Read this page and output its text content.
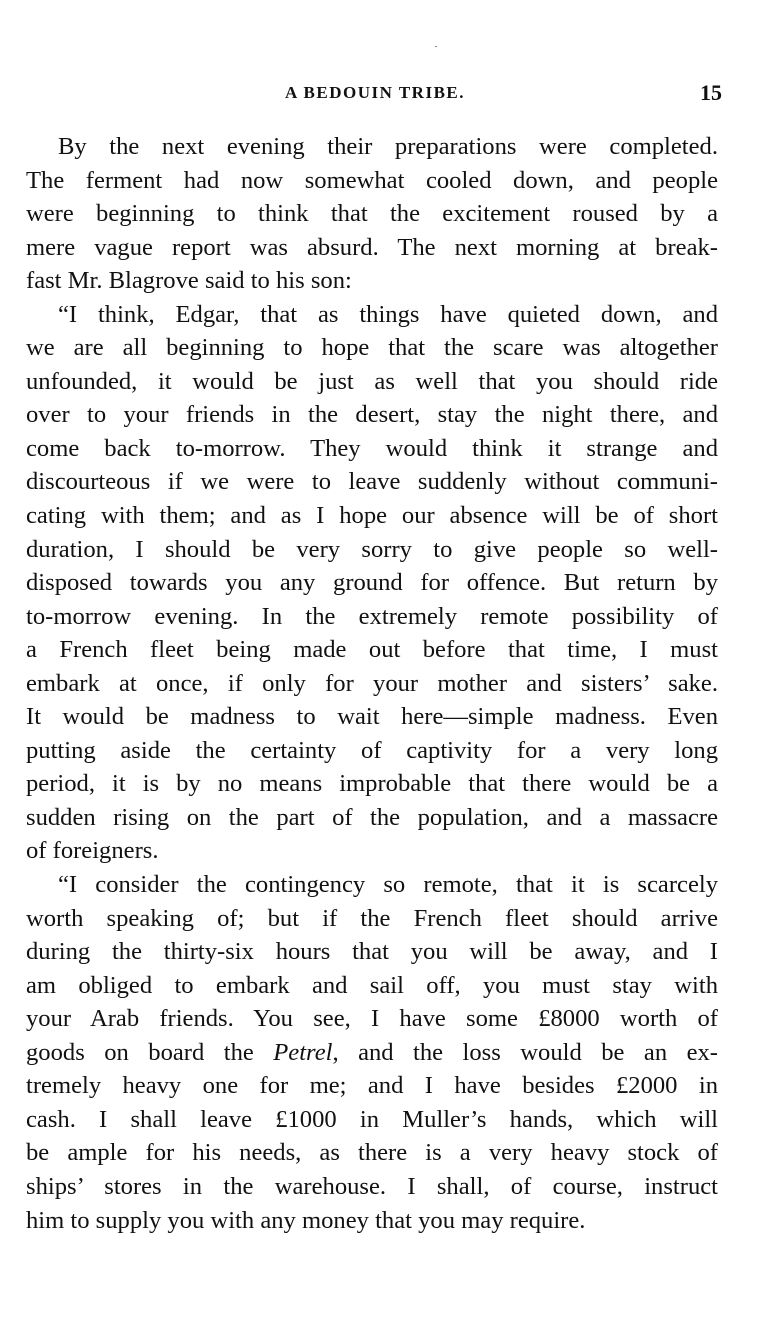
A BEDOUIN TRIBE.	15
By the next evening their preparations were completed.
The ferment had now somewhat cooled down, and people
were beginning to think that the excitement roused by a
mere vague report was absurd. The next morning at break-
fast Mr. Blagrove said to his son:
“I think, Edgar, that as things have quieted down, and
we are all beginning to hope that the scare was altogether
unfounded, it would be just as well that you should ride
over to your friends in the desert, stay the night there, and
come back to-morrow. They would think it strange and
discourteous if we were to leave suddenly without communi-
cating with them; and as I hope our absence will be of short
duration, I should be very sorry to give people so well-
disposed towards you any ground for offence. But return by
to-morrow evening. In the extremely remote possibility of
a French fleet being made out before that time, I must
embark at once, if only for your mother and sisters’ sake.
It would be madness to wait here—simple madness. Even
putting aside the certainty of captivity for a very long
period, it is by no means improbable that there would be a
sudden rising on the part of the population, and a massacre
of foreigners.
“I consider the contingency so remote, that it is scarcely
worth speaking of; but if the French fleet should arrive
during the thirty-six hours that you will be away, and I
am obliged to embark and sail off, you must stay with
your Arab friends. You see, I have some £8000 worth of
goods on board the Petrel, and the loss would be an ex-
tremely heavy one for me; and I have besides £2000 in
cash. I shall leave £1000 in Muller’s hands, which will
be ample for his needs, as there is a very heavy stock of
ships’ stores in the warehouse. I shall, of course, instruct
him to supply you with any money that you may require.
